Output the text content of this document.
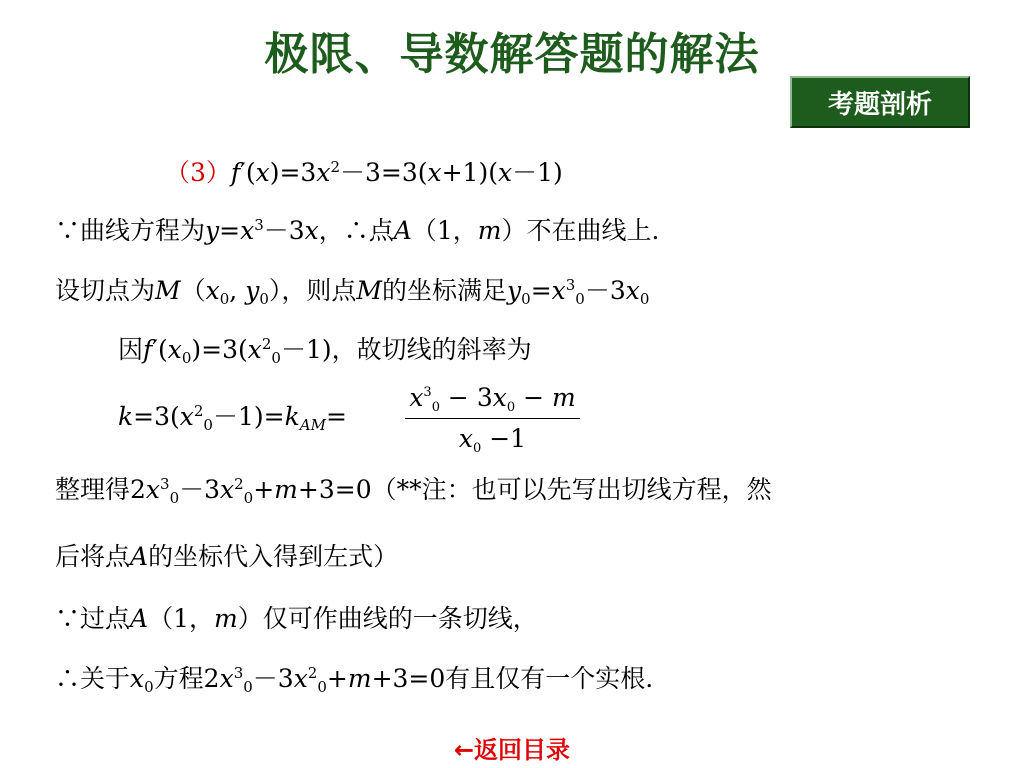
极限、导数解答题的解法
考题剖析
$(3)f'(x)=3x^2-3=3(x+1)(x-1)$
∵曲线方程为$y=x^3-3x$，∴点A（1，m）不在曲线上.
设切点为$M(x_0$, $y_0$），则点M的坐标满足$y_0=x^3_0-3x_0$
因$f'(x_0)=3(x^2_0-1)$，故切线的斜率为
$k=3(x^2_0-1)=k_{AM}=$
$x^3_0 - 3x_0 - m$
$x_0 -1$
整理得$2x^3_0-3x^2_0+m+3=0(**$注：也可以先写出切线方程，然
后将点A的坐标代入得到左式）
∵过点A（1，m）仅可作曲线的一条切线，
∴关于$x_0$方程$2x^3_0-3x^2_0+m+3=0$有且仅有一个实根.
←返回目录
